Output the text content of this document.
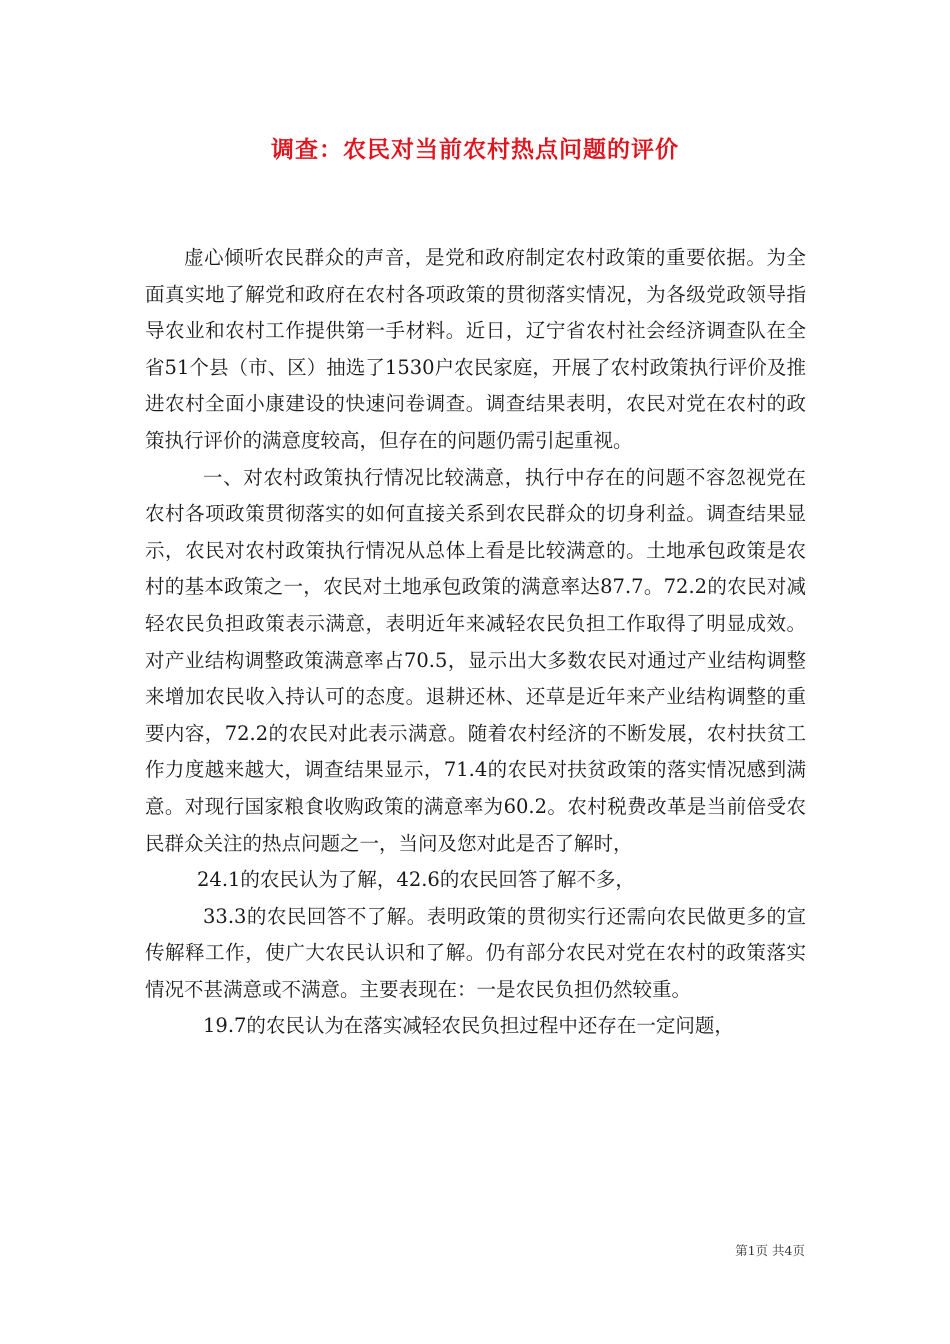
调查：农民对当前农村热点问题的评价

虚心倾听农民群众的声音，是党和政府制定农村政策的重要依据。为全面真实地了解党和政府在农村各项政策的贯彻落实情况，为各级党政领导指导农业和农村工作提供第一手材料。近日，辽宁省农村社会经济调查队在全省51个县（市、区）抽选了1530户农民家庭，开展了农村政策执行评价及推进农村全面小康建设的快速问卷调查。调查结果表明，农民对党在农村的政策执行评价的满意度较高，但存在的问题仍需引起重视。

一、对农村政策执行情况比较满意，执行中存在的问题不容忽视党在农村各项政策贯彻落实的如何直接关系到农民群众的切身利益。调查结果显示，农民对农村政策执行情况从总体上看是比较满意的。土地承包政策是农村的基本政策之一，农民对土地承包政策的满意率达87.7。72.2的农民对减轻农民负担政策表示满意，表明近年来减轻农民负担工作取得了明显成效。对产业结构调整政策满意率占70.5，显示出大多数农民对通过产业结构调整来增加农民收入持认可的态度。退耕还林、还草是近年来产业结构调整的重要内容，72.2的农民对此表示满意。随着农村经济的不断发展，农村扶贫工作力度越来越大，调查结果显示，71.4的农民对扶贫政策的落实情况感到满意。对现行国家粮食收购政策的满意率为60.2。农村税费改革是当前倍受农民群众关注的热点问题之一，当问及您对此是否了解时，

24.1的农民认为了解，42.6的农民回答了解不多，

33.3的农民回答不了解。表明政策的贯彻实行还需向农民做更多的宣传解释工作，使广大农民认识和了解。仍有部分农民对党在农村的政策落实情况不甚满意或不满意。主要表现在：一是农民负担仍然较重。

19.7的农民认为在落实减轻农民负担过程中还存在一定问题，

第1页 共4页
